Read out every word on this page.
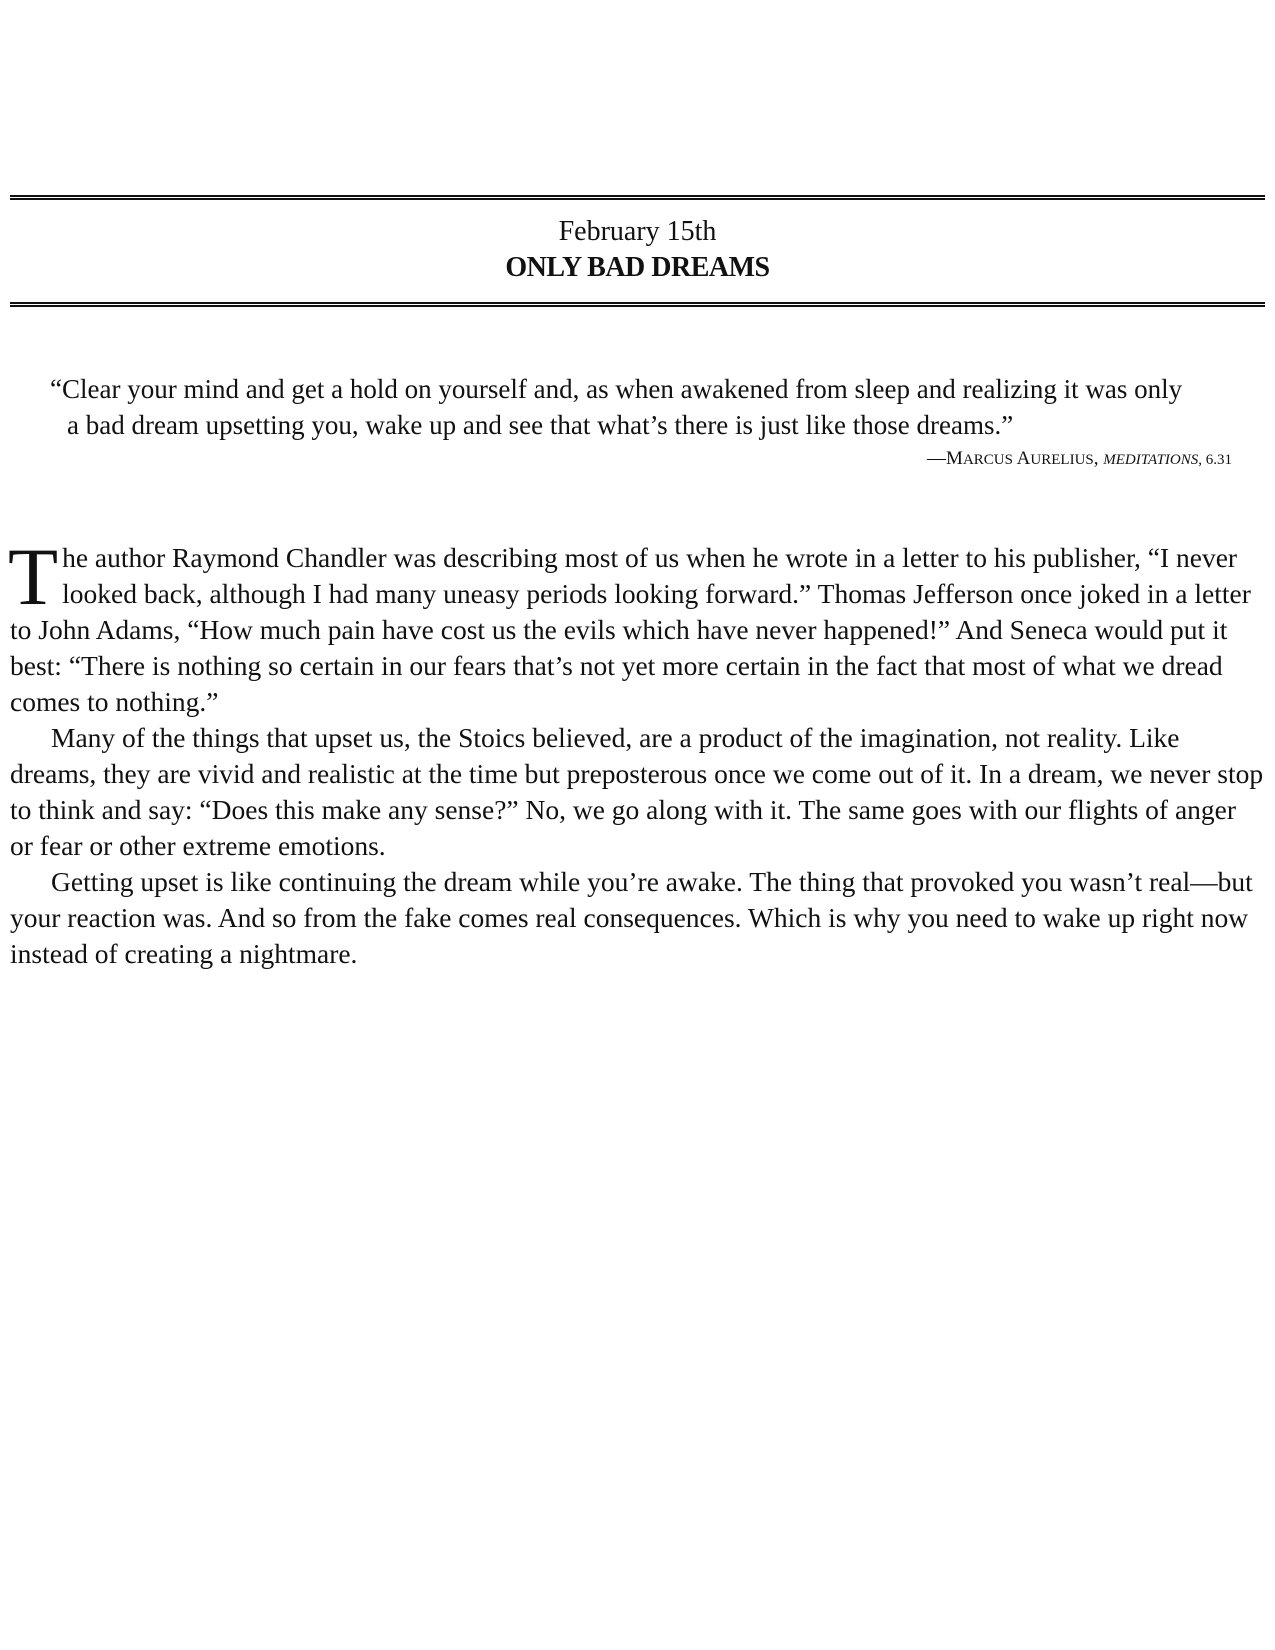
February 15th
ONLY BAD DREAMS

“Clear your mind and get a hold on yourself and, as when awakened from sleep and realizing it was only a bad dream upsetting you, wake up and see that what’s there is just like those dreams.”

—MARCUS AURELIUS, MEDITATIONS, 6.31

The author Raymond Chandler was describing most of us when he wrote in a letter to his publisher, “I never looked back, although I had many uneasy periods looking forward.” Thomas Jefferson once joked in a letter to John Adams, “How much pain have cost us the evils which have never happened!” And Seneca would put it best: “There is nothing so certain in our fears that’s not yet more certain in the fact that most of what we dread comes to nothing.”

Many of the things that upset us, the Stoics believed, are a product of the imagination, not reality. Like dreams, they are vivid and realistic at the time but preposterous once we come out of it. In a dream, we never stop to think and say: “Does this make any sense?” No, we go along with it. The same goes with our flights of anger or fear or other extreme emotions.

Getting upset is like continuing the dream while you’re awake. The thing that provoked you wasn’t real—but your reaction was. And so from the fake comes real consequences. Which is why you need to wake up right now instead of creating a nightmare.
